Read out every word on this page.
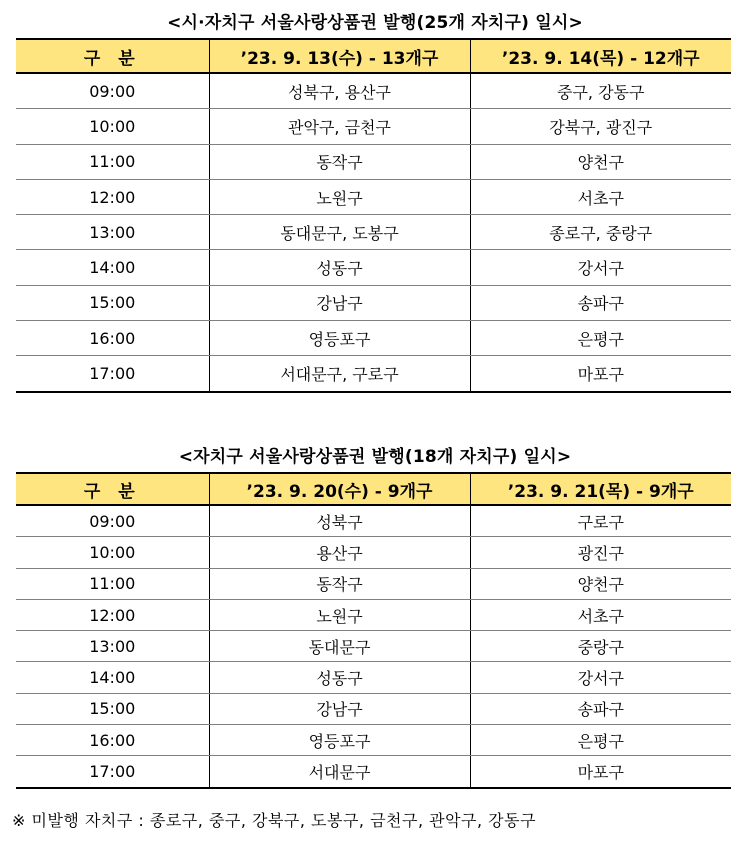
<시·자치구 서울사랑상품권 발행(25개 자치구) 일시>
구 분	’23. 9. 13(수) - 13개구	’23. 9. 14(목) - 12개구
09:00	성북구, 용산구	중구, 강동구
10:00	관악구, 금천구	강북구, 광진구
11:00	동작구	양천구
12:00	노원구	서초구
13:00	동대문구, 도봉구	종로구, 중랑구
14:00	성동구	강서구
15:00	강남구	송파구
16:00	영등포구	은평구
17:00	서대문구, 구로구	마포구
<자치구 서울사랑상품권 발행(18개 자치구) 일시>
구 분	’23. 9. 20(수) - 9개구	’23. 9. 21(목) - 9개구
09:00	성북구	구로구
10:00	용산구	광진구
11:00	동작구	양천구
12:00	노원구	서초구
13:00	동대문구	중랑구
14:00	성동구	강서구
15:00	강남구	송파구
16:00	영등포구	은평구
17:00	서대문구	마포구
※ 미발행 자치구 : 종로구, 중구, 강북구, 도봉구, 금천구, 관악구, 강동구
